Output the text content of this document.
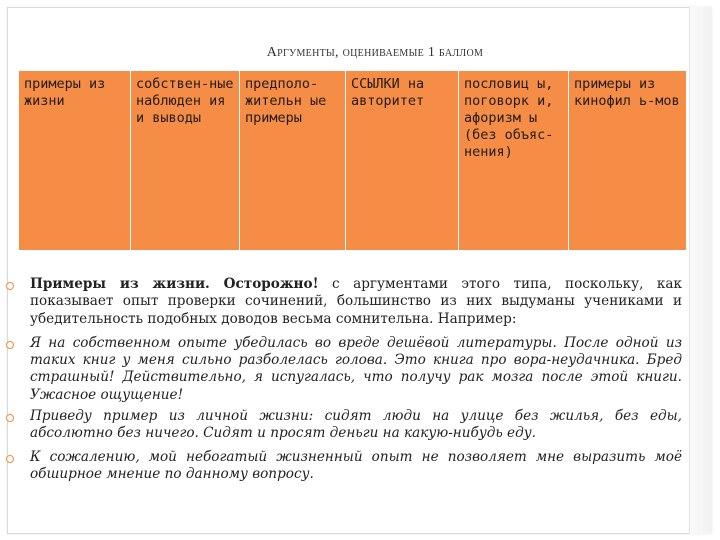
Аргументы, оцениваемые 1 баллом
примеры из жизни	собствен-ные наблюден ия и выводы	предполо-жительн ые примеры	ССЫЛКИ на авторитет	пословиц ы, поговорк и, афоризм ы (без объяс-нения)	примеры из кинофил ь-мов
Примеры из жизни. Осторожно! с аргументами этого типа, поскольку, как показывает опыт проверки сочинений, большинство из них выдуманы учениками и убедительность подобных доводов весьма сомнительна. Например:
Я на собственном опыте убедилась во вреде дешёвой литературы. После одной из таких книг у меня сильно разболелась голова. Это книга про вора-неудачника. Бред страшный! Действительно, я испугалась, что получу рак мозга после этой книги. Ужасное ощущение!
Приведу пример из личной жизни: сидят люди на улице без жилья, без еды, абсолютно без ничего. Сидят и просят деньги на какую-нибудь еду.
К сожалению, мой небогатый жизненный опыт не позволяет мне выразить моё обширное мнение по данному вопросу.
